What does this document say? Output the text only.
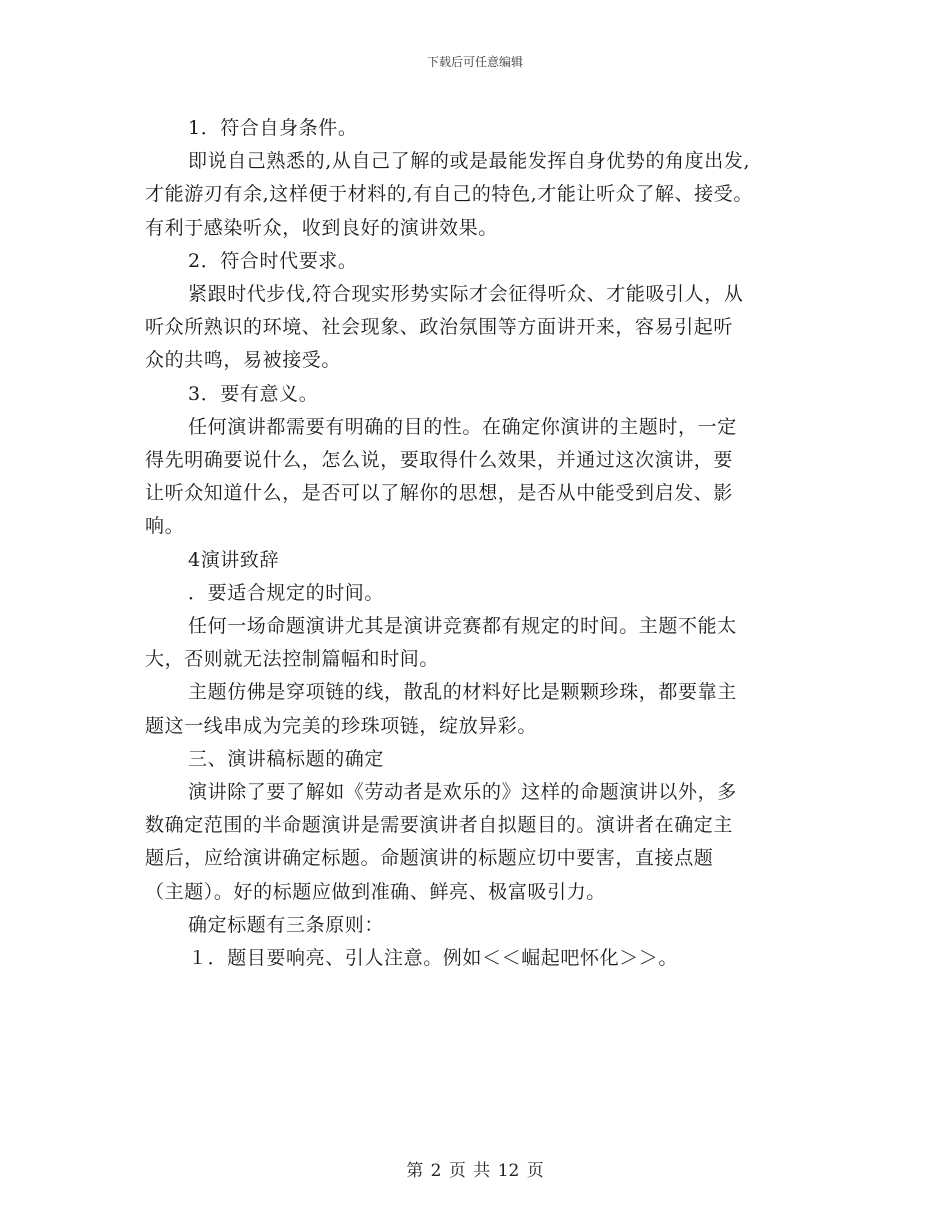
下载后可任意编辑

1．符合自身条件。

即说自己熟悉的,从自己了解的或是最能发挥自身优势的角度出发,

才能游刃有余,这样便于材料的,有自己的特色,才能让听众了解、接受。

有利于感染听众，收到良好的演讲效果。

2．符合时代要求。

紧跟时代步伐,符合现实形势实际才会征得听众、才能吸引人，从

听众所熟识的环境、社会现象、政治氛围等方面讲开来，容易引起听

众的共鸣，易被接受。

3．要有意义。

任何演讲都需要有明确的目的性。在确定你演讲的主题时，一定

得先明确要说什么，怎么说，要取得什么效果，并通过这次演讲，要

让听众知道什么，是否可以了解你的思想，是否从中能受到启发、影

响。

4演讲致辞

．要适合规定的时间。

任何一场命题演讲尤其是演讲竞赛都有规定的时间。主题不能太

大，否则就无法控制篇幅和时间。

主题仿佛是穿项链的线，散乱的材料好比是颗颗珍珠，都要靠主

题这一线串成为完美的珍珠项链，绽放异彩。

三、演讲稿标题的确定

演讲除了要了解如《劳动者是欢乐的》这样的命题演讲以外，多

数确定范围的半命题演讲是需要演讲者自拟题目的。演讲者在确定主

题后，应给演讲确定标题。命题演讲的标题应切中要害，直接点题

（主题）。好的标题应做到准确、鲜亮、极富吸引力。

确定标题有三条原则：

１．题目要响亮、引人注意。例如＜＜崛起吧怀化＞＞。

第 2 页 共 12 页
